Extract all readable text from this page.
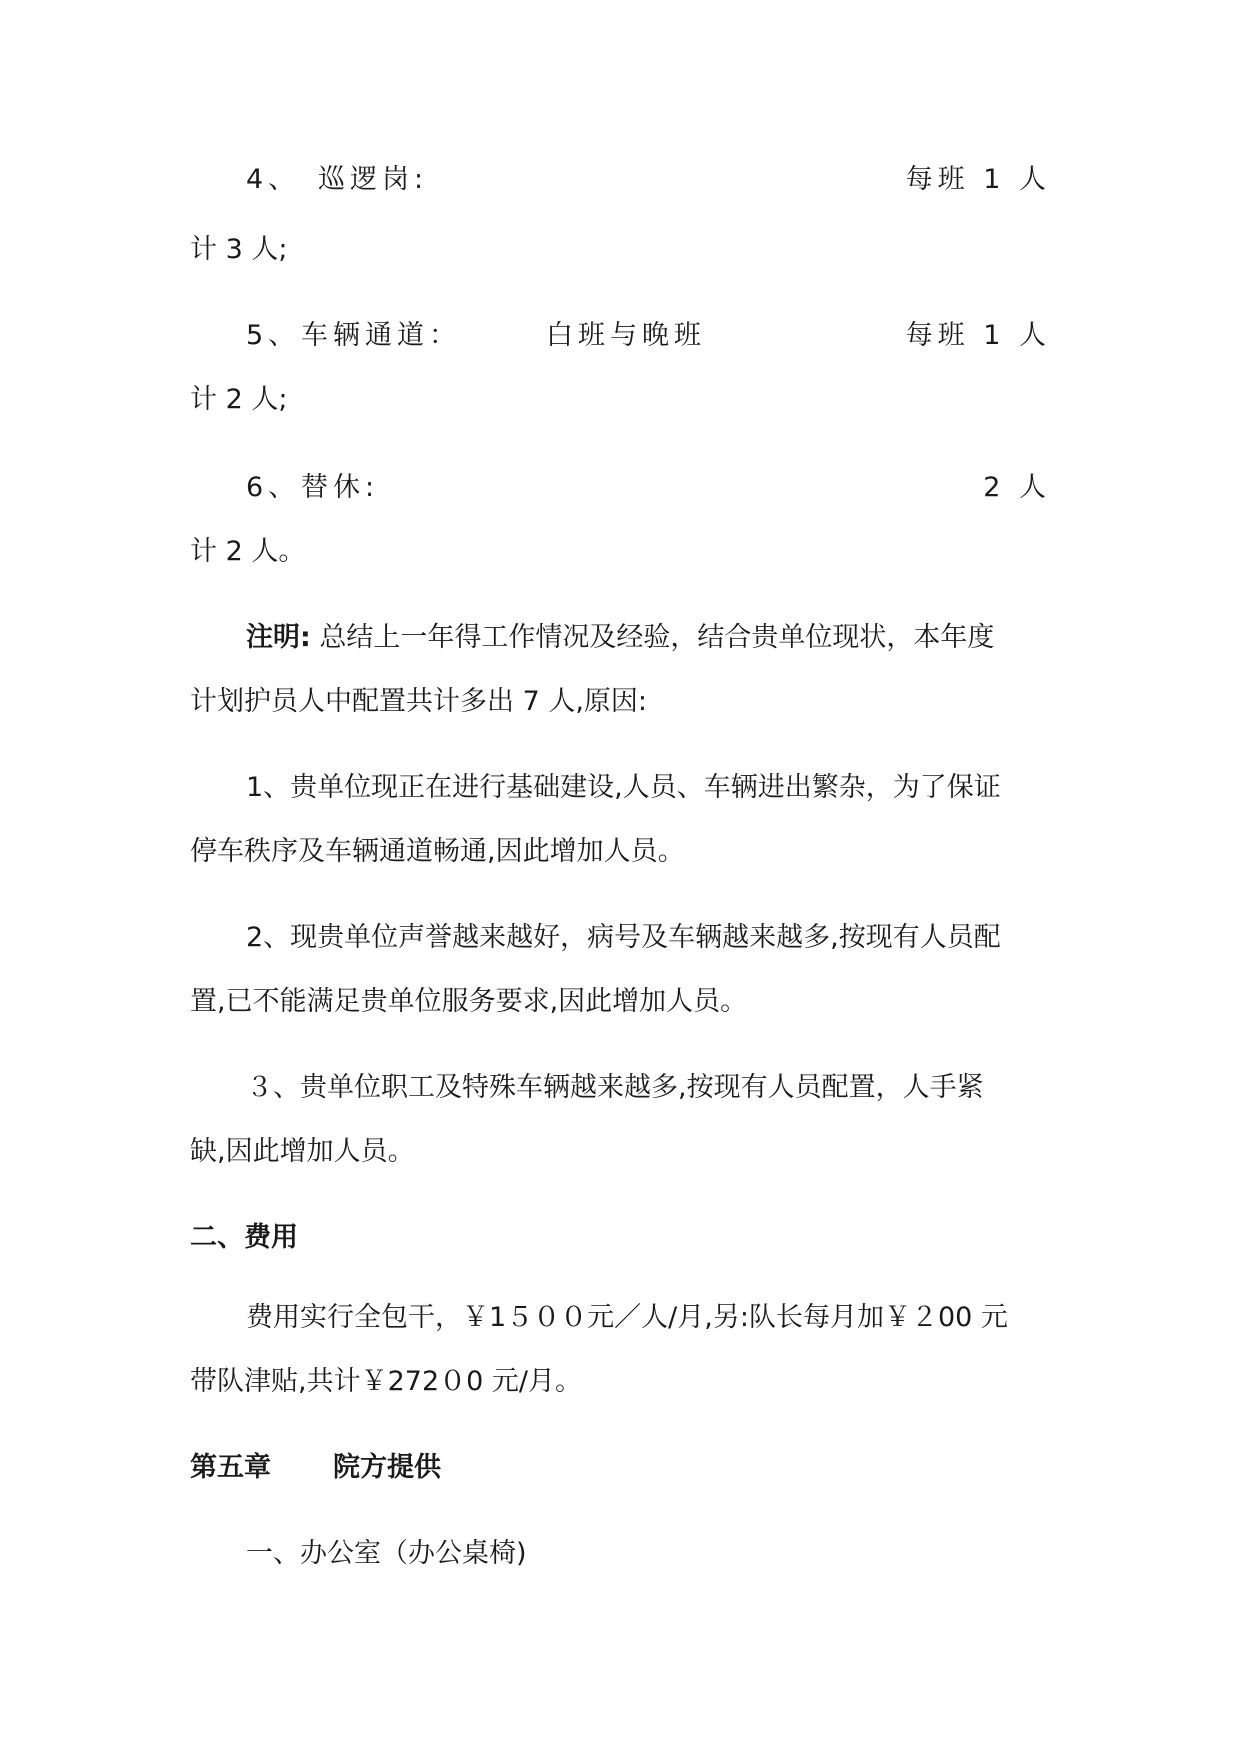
4、 巡逻岗:	每班 1 人
计 3 人;
5、 车辆通道：	白班与晚班	每班 1 人
计 2 人;
6、 替休:	2 人
计 2 人。
注明: 总结上一年得工作情况及经验，结合贵单位现状，本年度
计划护员人中配置共计多出 7 人,原因:
1、贵单位现正在进行基础建设,人员、车辆进出繁杂，为了保证
停车秩序及车辆通道畅通,因此增加人员。
2、现贵单位声誉越来越好，病号及车辆越来越多,按现有人员配
置,已不能满足贵单位服务要求,因此增加人员。
３、贵单位职工及特殊车辆越来越多,按现有人员配置，人手紧
缺,因此增加人员。
二、费用
费用实行全包干，￥1５００元／人/月,另:队长每月加￥２00 元
带队津贴,共计￥272０0 元/月。
第五章 院方提供
一、办公室（办公桌椅)
